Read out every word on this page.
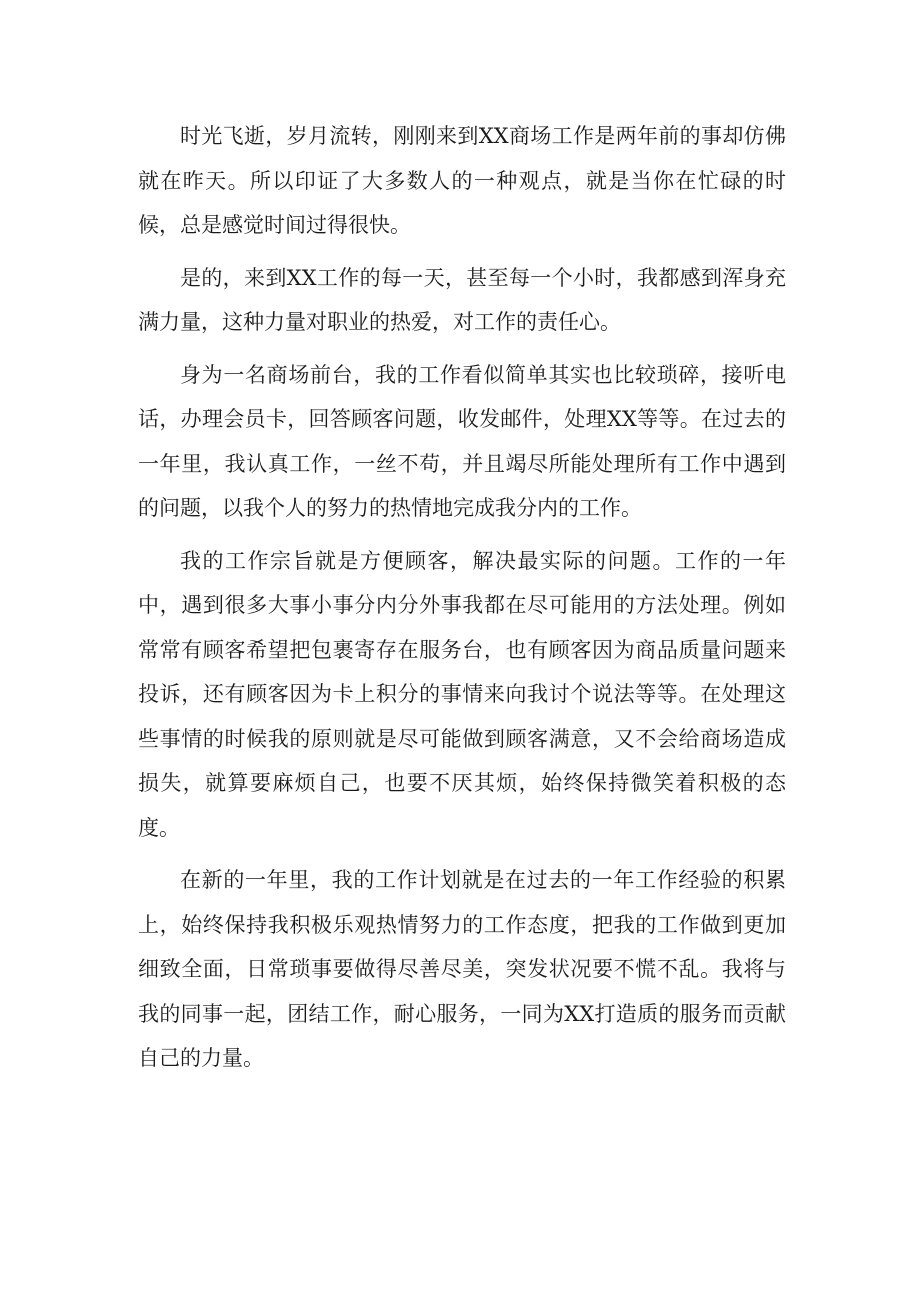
时光飞逝，岁月流转，刚刚来到XX商场工作是两年前的事却仿佛就在昨天。所以印证了大多数人的一种观点，就是当你在忙碌的时候，总是感觉时间过得很快。

是的，来到XX工作的每一天，甚至每一个小时，我都感到浑身充满力量，这种力量对职业的热爱，对工作的责任心。

身为一名商场前台，我的工作看似简单其实也比较琐碎，接听电话，办理会员卡，回答顾客问题，收发邮件，处理XX等等。在过去的一年里，我认真工作，一丝不苟，并且竭尽所能处理所有工作中遇到的问题，以我个人的努力的热情地完成我分内的工作。

我的工作宗旨就是方便顾客，解决最实际的问题。工作的一年中，遇到很多大事小事分内分外事我都在尽可能用的方法处理。例如常常有顾客希望把包裹寄存在服务台，也有顾客因为商品质量问题来投诉，还有顾客因为卡上积分的事情来向我讨个说法等等。在处理这些事情的时候我的原则就是尽可能做到顾客满意，又不会给商场造成损失，就算要麻烦自己，也要不厌其烦，始终保持微笑着积极的态度。

在新的一年里，我的工作计划就是在过去的一年工作经验的积累上，始终保持我积极乐观热情努力的工作态度，把我的工作做到更加细致全面，日常琐事要做得尽善尽美，突发状况要不慌不乱。我将与我的同事一起，团结工作，耐心服务，一同为XX打造质的服务而贡献自己的力量。
